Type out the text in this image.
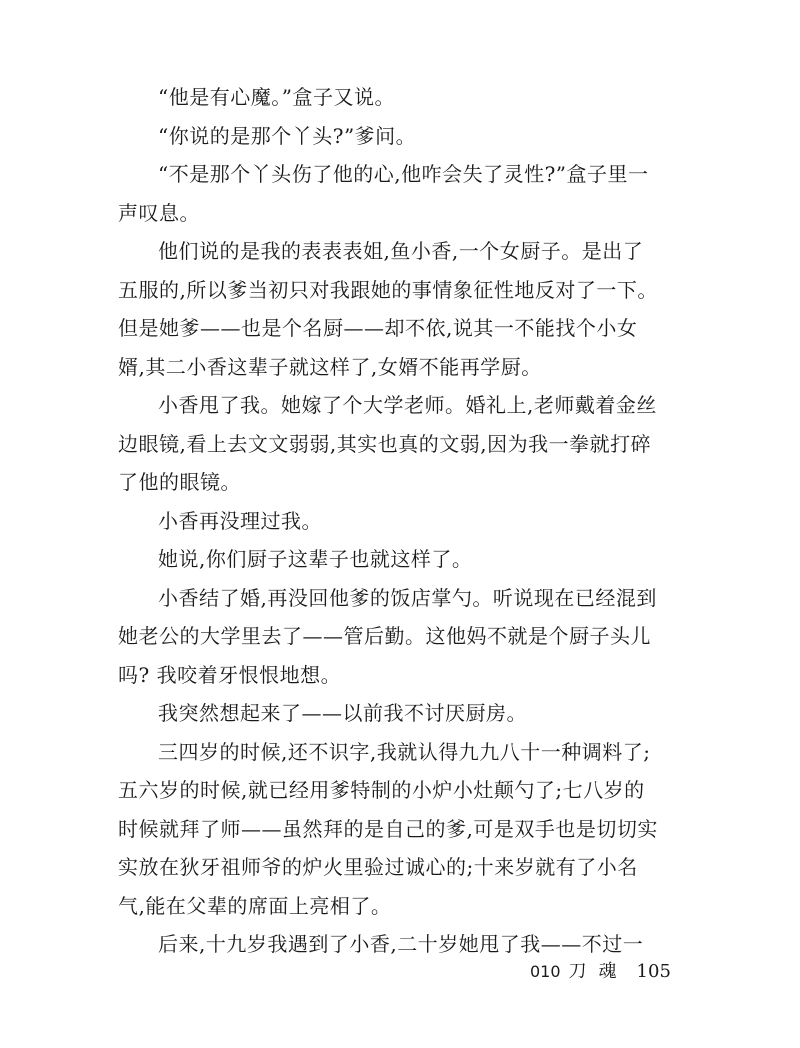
“他是有心魔。”盒子又说。
“你说的是那个丫头?”爹问。
“不是那个丫头伤了他的心,他咋会失了灵性?”盒子里一
声叹息。
他们说的是我的表表表姐,鱼小香,一个女厨子。是出了
五服的,所以爹当初只对我跟她的事情象征性地反对了一下。
但是她爹——也是个名厨——却不依,说其一不能找个小女
婿,其二小香这辈子就这样了,女婿不能再学厨。
小香甩了我。她嫁了个大学老师。婚礼上,老师戴着金丝
边眼镜,看上去文文弱弱,其实也真的文弱,因为我一拳就打碎
了他的眼镜。
小香再没理过我。
她说,你们厨子这辈子也就这样了。
小香结了婚,再没回他爹的饭店掌勺。听说现在已经混到
她老公的大学里去了——管后勤。这他妈不就是个厨子头儿
吗? 我咬着牙恨恨地想。
我突然想起来了——以前我不讨厌厨房。
三四岁的时候,还不识字,我就认得九九八十一种调料了;
五六岁的时候,就已经用爹特制的小炉小灶颠勺了;七八岁的
时候就拜了师——虽然拜的是自己的爹,可是双手也是切切实
实放在狄牙祖师爷的炉火里验过诚心的;十来岁就有了小名
气,能在父辈的席面上亮相了。
后来,十九岁我遇到了小香,二十岁她甩了我——不过一
010 刀魂 105
